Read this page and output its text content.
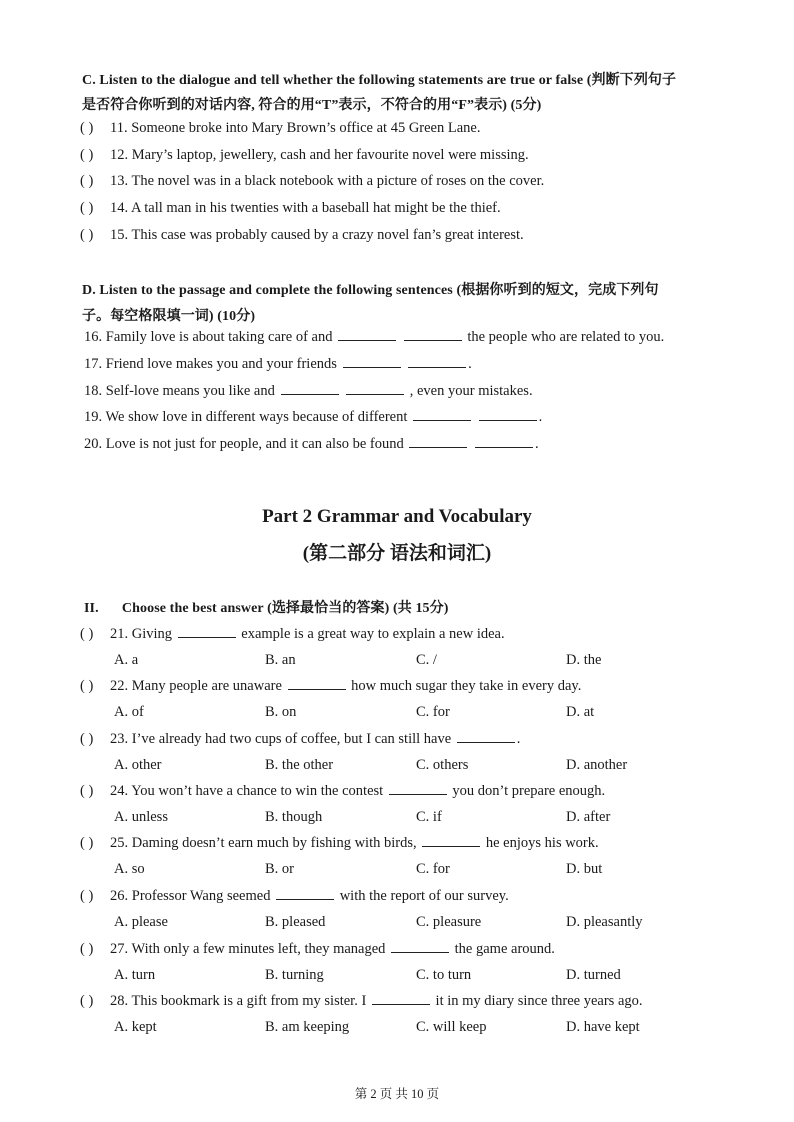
C. Listen to the dialogue and tell whether the following statements are true or false (判断下列句子
是否符合你听到的对话内容, 符合的用“T”表示，不符合的用“F”表示) (5分)
( ) 11. Someone broke into Mary Brown’s office at 45 Green Lane.
( ) 12. Mary’s laptop, jewellery, cash and her favourite novel were missing.
( ) 13. The novel was in a black notebook with a picture of roses on the cover.
( ) 14. A tall man in his twenties with a baseball hat might be the thief.
( ) 15. This case was probably caused by a crazy novel fan’s great interest.
D. Listen to the passage and complete the following sentences (根据你听到的短文，完成下列句
子。每空格限填一词) (10分)
16. Family love is about taking care of and	the people who are related to you.
17. Friend love makes you and your friends	.
18. Self-love means you like and	, even your mistakes.
19. We show love in different ways because of different	.
20. Love is not just for people, and it can also be found	.
Part 2 Grammar and Vocabulary
(第二部分 语法和词汇)
II. Choose the best answer (选择最恰当的答案) (共 15分)
( ) 21. Giving	example is a great way to explain a new idea.
A. a	B. an	C. /	D. the
( ) 22. Many people are unaware	how much sugar they take in every day.
A. of	B. on	C. for	D. at
( ) 23. I’ve already had two cups of coffee, but I can still have	.
A. other	B. the other	C. others	D. another
( ) 24. You won’t have a chance to win the contest	you don’t prepare enough.
A. unless	B. though	C. if	D. after
( ) 25. Daming doesn’t earn much by fishing with birds,	he enjoys his work.
A. so	B. or	C. for	D. but
( ) 26. Professor Wang seemed	with the report of our survey.
A. please	B. pleased	C. pleasure	D. pleasantly
( ) 27. With only a few minutes left, they managed	the game around.
A. turn	B. turning	C. to turn	D. turned
( ) 28. This bookmark is a gift from my sister. I	it in my diary since three years ago.
A. kept	B. am keeping	C. will keep	D. have kept
第 2 页 共 10 页
